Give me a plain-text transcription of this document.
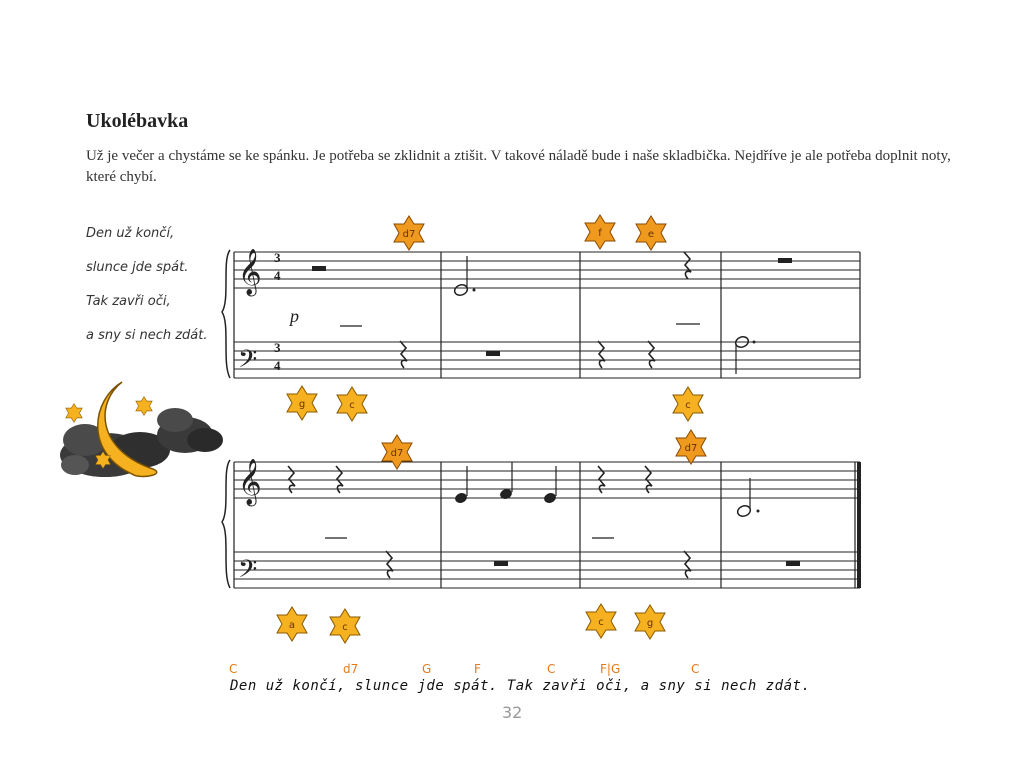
Ukolébavka

Už je večer a chystáme se ke spánku. Je potřeba se zklidnit a ztišit. V takové náladě bude i naše skladbička. Nejdříve je ale potřeba doplnit noty, které chybí.

Den už končí,
slunce jde spát.
Tak zavři oči,
a sny si nech zdát.
𝄞
𝄢
3
4
3
4
p
d7	f	e
g	c	c
𝄞
𝄢
d7	d7
a	c	c	g
C	d7	G	F	C	F|G	C
Den už končí, slunce jde spát. Tak zavři oči, a sny si nech zdát.
32
